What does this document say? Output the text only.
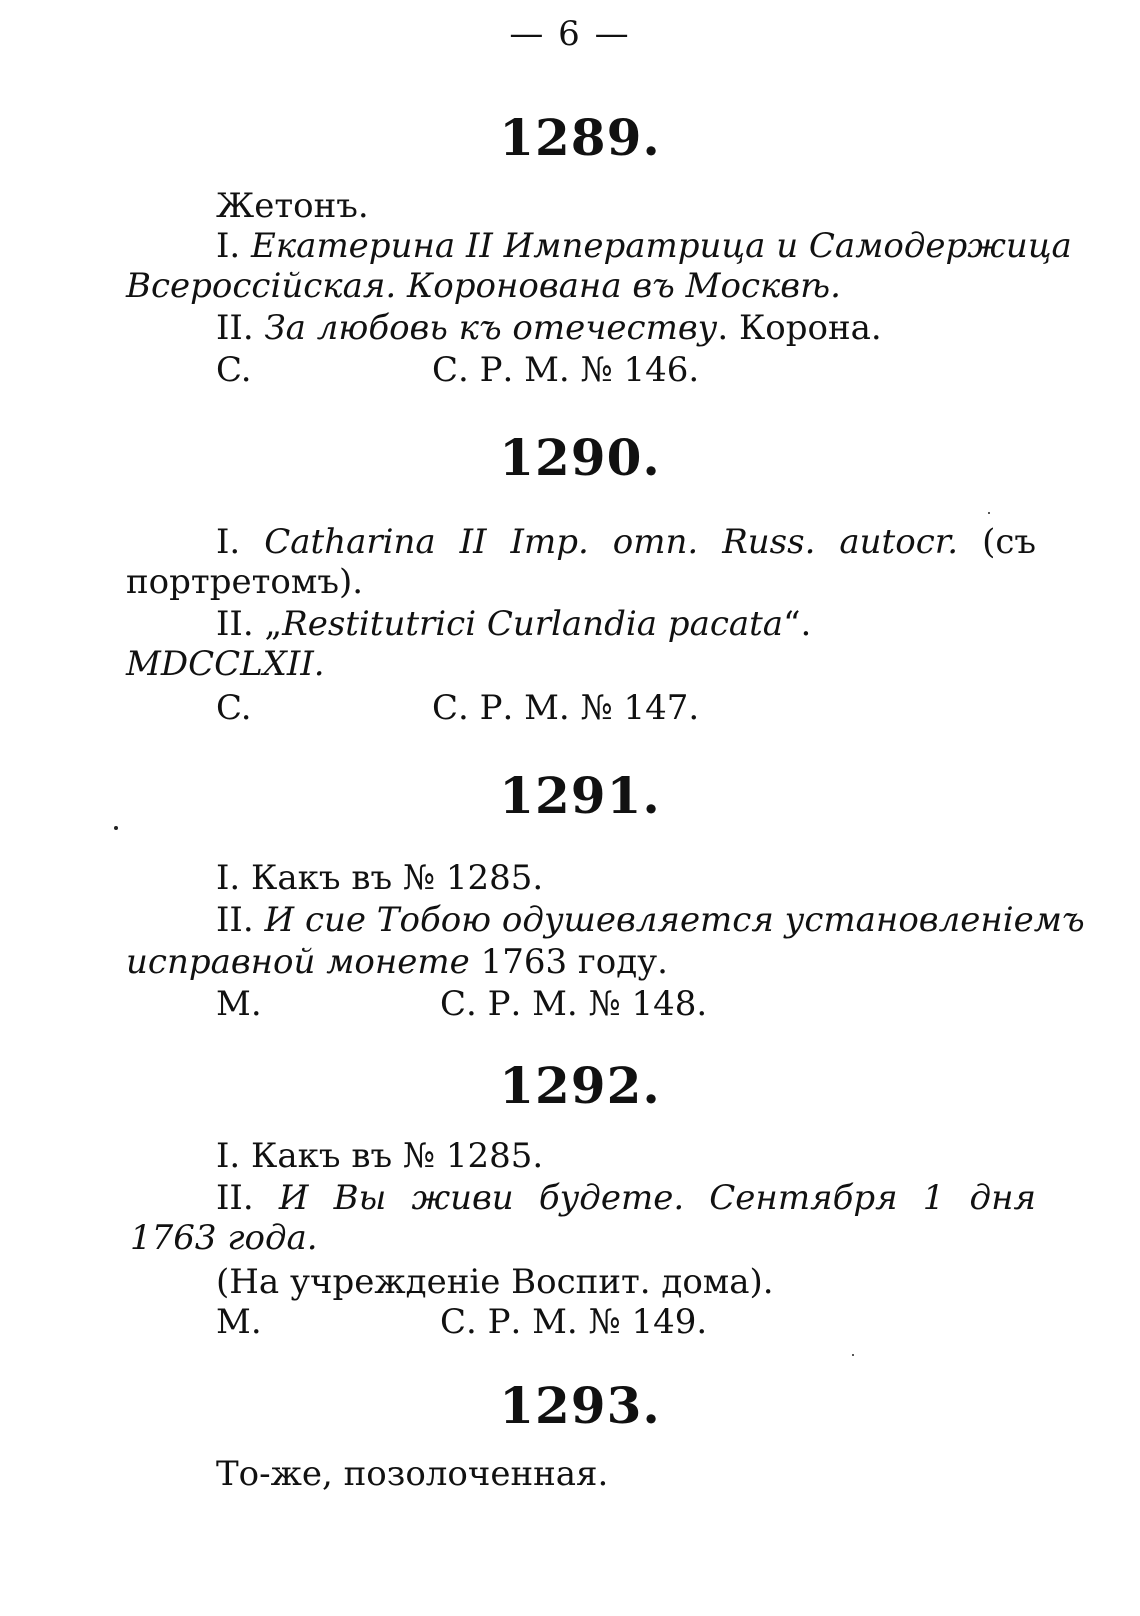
— 6 —
1289.
Жетонъ.
I. Екатерина II Императрица и Самодержица
Всероссійская. Коронована въ Москвѣ.
II. За любовь къ отечеству. Корона.
C.	С. Р. М. № 146.
1290.
I. Catharina II Imp. omn. Russ. autocr. (съ
портретомъ).
II. „Restitutrici Curlandia pacata“.
MDCCLXII.
C.	С. Р. М. № 147.
1291.
I. Какъ въ № 1285.
II. И сие Тобою одушевляется установленіемъ
исправной монете 1763 году.
M.	С. Р. М. № 148.
1292.
I. Какъ въ № 1285.
II. И Вы живи будете. Сентября 1 дня
1763 года.
(На учрежденіе Воспит. дома).
M.	С. Р. М. № 149.
1293.
То-же, позолоченная.
